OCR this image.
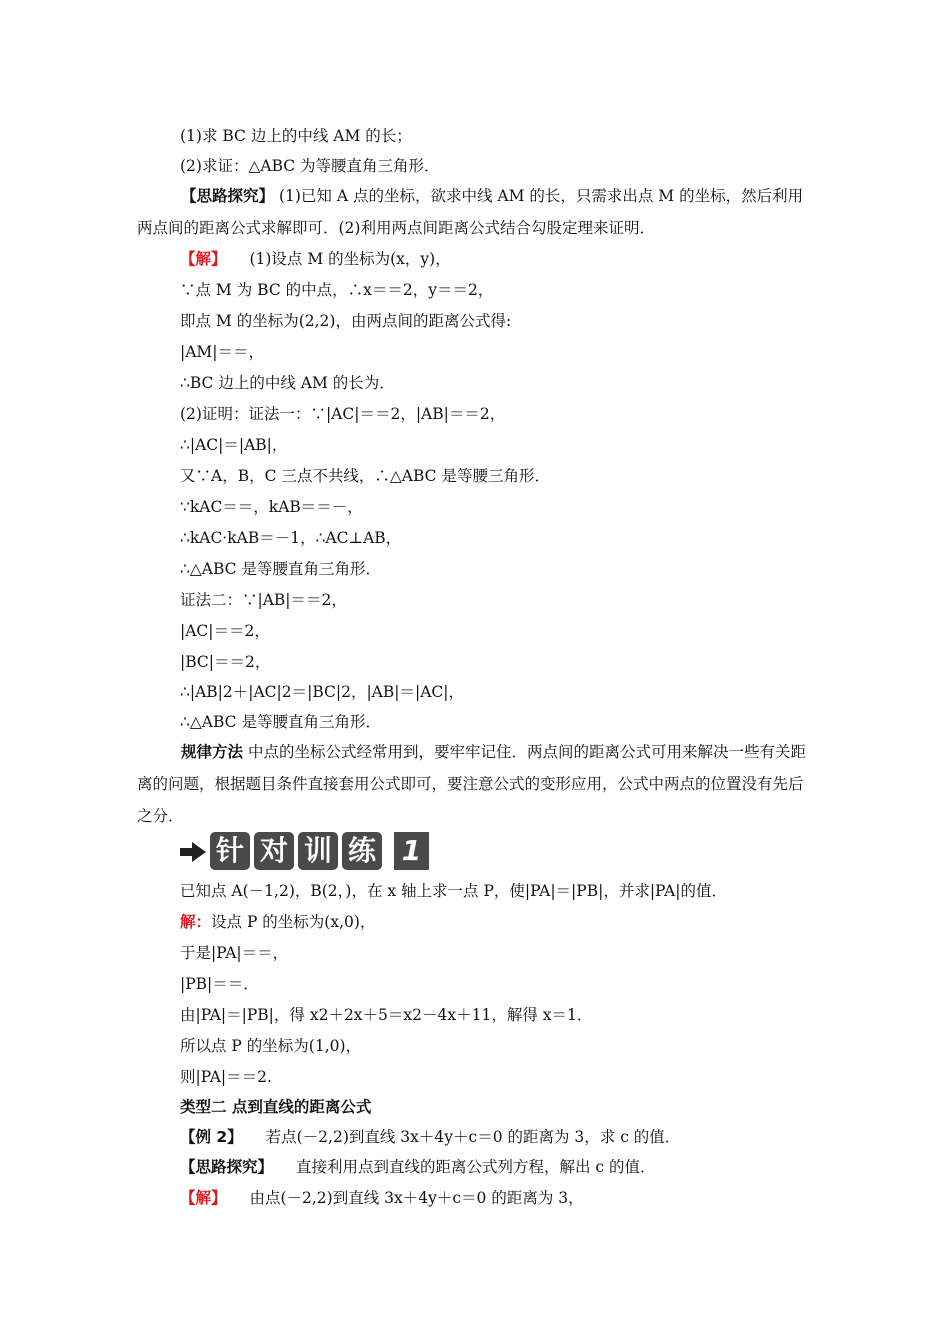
(1)求 BC 边上的中线 AM 的长；
(2)求证：△ABC 为等腰直角三角形．
【思路探究】 (1)已知 A 点的坐标，欲求中线 AM 的长，只需求出点 M 的坐标，然后利用两点间的距离公式求解即可．(2)利用两点间距离公式结合勾股定理来证明．
【解】 (1)设点 M 的坐标为(x，y)，
∵点 M 为 BC 的中点，∴x＝＝2，y＝＝2，
即点 M 的坐标为(2,2)，由两点间的距离公式得:
|AM|＝＝，
∴BC 边上的中线 AM 的长为．
(2)证明：证法一：∵|AC|＝＝2，|AB|＝＝2，
∴|AC|＝|AB|，
又∵A，B，C 三点不共线，∴△ABC 是等腰三角形．
∵kAC＝＝，kAB＝＝－，
∴kAC·kAB＝－1，∴AC⊥AB，
∴△ABC 是等腰直角三角形．
证法二：∵|AB|＝＝2，
|AC|＝＝2，
|BC|＝＝2，
∴|AB|2＋|AC|2＝|BC|2，|AB|＝|AC|，
∴△ABC 是等腰直角三角形．
规律方法 中点的坐标公式经常用到，要牢牢记住．两点间的距离公式可用来解决一些有关距离的问题，根据题目条件直接套用公式即可，要注意公式的变形应用，公式中两点的位置没有先后之分．
针 对 训 练 1
已知点 A(－1,2)，B(2，)，在 x 轴上求一点 P，使|PA|＝|PB|，并求|PA|的值．
解：设点 P 的坐标为(x,0)，
于是|PA|＝＝，
|PB|＝＝．
由|PA|＝|PB|，得 x2＋2x＋5＝x2－4x＋11，解得 x＝1．
所以点 P 的坐标为(1,0)，
则|PA|＝＝2.
类型二 点到直线的距离公式
【例 2】 若点(－2,2)到直线 3x＋4y＋c＝0 的距离为 3，求 c 的值．
【思路探究】 直接利用点到直线的距离公式列方程，解出 c 的值．
【解】 由点(－2,2)到直线 3x＋4y＋c＝0 的距离为 3，
